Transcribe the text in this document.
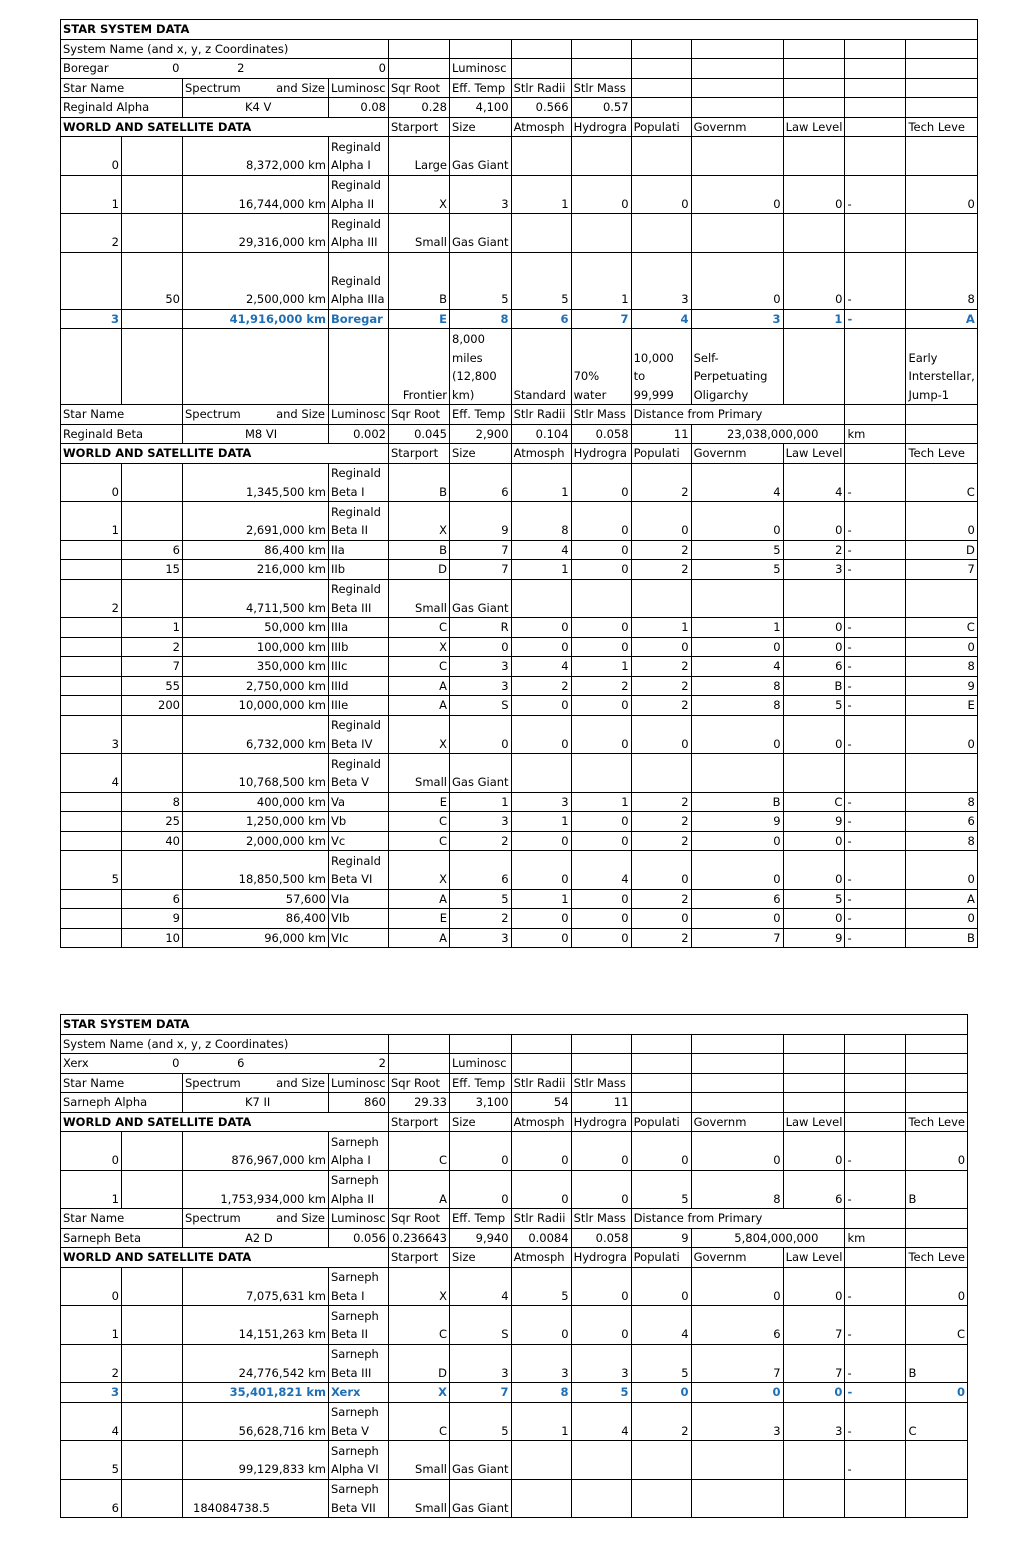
STAR SYSTEM DATA												
System Name (and x, y, z Coordinates)												
Boregar 0		2	0		Luminosc							
Star Name		Spectrum and Size	Luminosc	Sqr Root	Eff. Temp	Stlr Radii	Stlr Mass					
Reginald Alpha		K4 V	0.08	0.28	4,100	0.566	0.57					
WORLD AND SATELLITE DATA				Starport	Size	Atmosph	Hydrogra	Populati	Governm	Law Level		Tech Leve
0		8,372,000 km	Reginald Alpha I	Large	Gas Giant							
1		16,744,000 km	Reginald Alpha II	X	3	1	0	0	0	0	-	0
2		29,316,000 km	Reginald Alpha III	Small	Gas Giant							
	50	2,500,000 km	Reginald Alpha IIIa	B	5	5	1	3	0	0	-	8
3		41,916,000 km	Boregar	E	8	6	7	4	3	1	-	A
				Frontier	8,000 miles (12,800 km)	Standard	70% water	10,000 to 99,999	Self-Perpetuating Oligarchy			Early Interstellar, Jump-1
Star Name		Spectrum and Size	Luminosc	Sqr Root	Eff. Temp	Stlr Radii	Stlr Mass	Distance from Primary				
Reginald Beta		M8 VI	0.002	0.045	2,900	0.104	0.058	11	23,038,000,000		km	
WORLD AND SATELLITE DATA				Starport	Size	Atmosph	Hydrogra	Populati	Governm	Law Level		Tech Leve
0		1,345,500 km	Reginald Beta I	B	6	1	0	2	4	4	-	C
1		2,691,000 km	Reginald Beta II	X	9	8	0	0	0	0	-	0
	6	86,400 km	IIa	B	7	4	0	2	5	2	-	D
	15	216,000 km	IIb	D	7	1	0	2	5	3	-	7
2		4,711,500 km	Reginald Beta III	Small	Gas Giant							
	1	50,000 km	IIIa	C	R	0	0	1	1	0	-	C
	2	100,000 km	IIIb	X	0	0	0	0	0	0	-	0
	7	350,000 km	IIIc	C	3	4	1	2	4	6	-	8
	55	2,750,000 km	IIId	A	3	2	2	2	8	B	-	9
	200	10,000,000 km	IIIe	A	S	0	0	2	8	5	-	E
3		6,732,000 km	Reginald Beta IV	X	0	0	0	0	0	0	-	0
4		10,768,500 km	Reginald Beta V	Small	Gas Giant							
	8	400,000 km	Va	E	1	3	1	2	B	C	-	8
	25	1,250,000 km	Vb	C	3	1	0	2	9	9	-	6
	40	2,000,000 km	Vc	C	2	0	0	2	0	0	-	8
5		18,850,500 km	Reginald Beta VI	X	6	0	4	0	0	0	-	0
	6	57,600	VIa	A	5	1	0	2	6	5	-	A
	9	86,400	VIb	E	2	0	0	0	0	0	-	0
	10	96,000 km	VIc	A	3	0	0	2	7	9	-	B
STAR SYSTEM DATA												
System Name (and x, y, z Coordinates)												
Xerx 0		6	2		Luminosc							
Star Name		Spectrum and Size	Luminosc	Sqr Root	Eff. Temp	Stlr Radii	Stlr Mass					
Sarneph Alpha		K7 II	860	29.33	3,100	54	11					
WORLD AND SATELLITE DATA				Starport	Size	Atmosph	Hydrogra	Populati	Governm	Law Level		Tech Leve
0		876,967,000 km	Sarneph Alpha I	C	0	0	0	0	0	0	-	0
1		1,753,934,000 km	Sarneph Alpha II	A	0	0	0	5	8	6	-	B
Star Name		Spectrum and Size	Luminosc	Sqr Root	Eff. Temp	Stlr Radii	Stlr Mass	Distance from Primary				
Sarneph Beta		A2 D	0.056	0.236643	9,940	0.0084	0.058	9	5,804,000,000		km	
WORLD AND SATELLITE DATA				Starport	Size	Atmosph	Hydrogra	Populati	Governm	Law Level		Tech Leve
0		7,075,631 km	Sarneph Beta I	X	4	5	0	0	0	0	-	0
1		14,151,263 km	Sarneph Beta II	C	S	0	0	4	6	7	-	C
2		24,776,542 km	Sarneph Beta III	D	3	3	3	5	7	7	-	B
3		35,401,821 km	Xerx	X	7	8	5	0	0	0	-	0
4		56,628,716 km	Sarneph Beta V	C	5	1	4	2	3	3	-	C
5		99,129,833 km	Sarneph Alpha VI	Small	Gas Giant						-	
6		184084738.5	Sarneph Beta VII	Small	Gas Giant							
